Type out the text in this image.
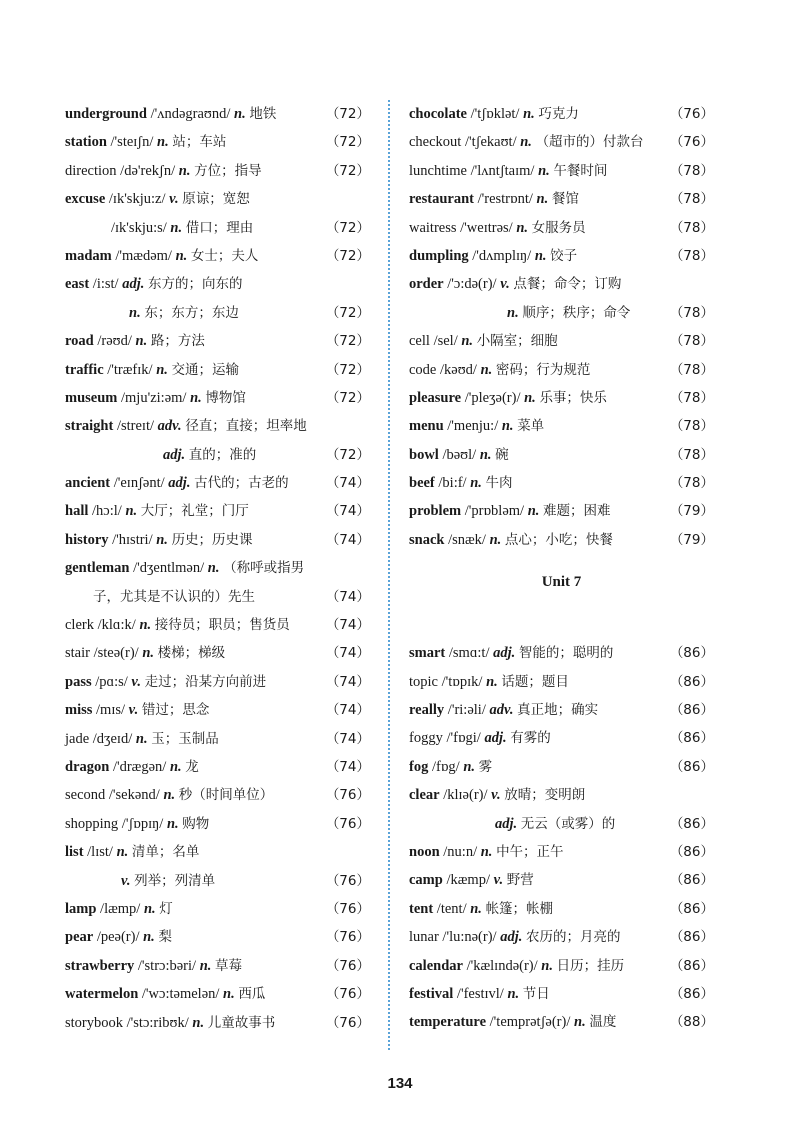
underground /'ʌndəgraʊnd/ n. 地铁	（72）
station /'steɪʃn/ n. 站；车站	（72）
direction /də'rekʃn/ n. 方位；指导	（72）
excuse /ɪk'skju:z/ v. 原谅；宽恕
/ɪk'skju:s/ n. 借口；理由	（72）
madam /'mædəm/ n. 女士；夫人	（72）
east /i:st/ adj. 东方的；向东的
n. 东；东方；东边	（72）
road /rəʊd/ n. 路；方法	（72）
traffic /'træfɪk/ n. 交通；运输	（72）
museum /mju'zi:əm/ n. 博物馆	（72）
straight /streɪt/ adv. 径直；直接；坦率地
adj. 直的；准的	（72）
ancient /'eɪnʃənt/ adj. 古代的；古老的	（74）
hall /hɔ:l/ n. 大厅；礼堂；门厅	（74）
history /'hɪstri/ n. 历史；历史课	（74）
gentleman /'dʒentlmən/ n. （称呼或指男
子，尤其是不认识的）先生	（74）
clerk /klɑ:k/ n. 接待员；职员；售货员	（74）
stair /steə(r)/ n. 楼梯；梯级	（74）
pass /pɑ:s/ v. 走过；沿某方向前进	（74）
miss /mɪs/ v. 错过；思念	（74）
jade /dʒeɪd/ n. 玉；玉制品	（74）
dragon /'drægən/ n. 龙	（74）
second /'sekənd/ n. 秒（时间单位）	（76）
shopping /'ʃɒpɪŋ/ n. 购物	（76）
list /lɪst/ n. 清单；名单
v. 列举；列清单	（76）
lamp /læmp/ n. 灯	（76）
pear /peə(r)/ n. 梨	（76）
strawberry /'strɔ:bəri/ n. 草莓	（76）
watermelon /'wɔ:təmelən/ n. 西瓜	（76）
storybook /'stɔ:ribʊk/ n. 儿童故事书	（76）
chocolate /'tʃɒklət/ n. 巧克力	（76）
checkout /'tʃekaʊt/ n. （超市的）付款台 （76）
lunchtime /'lʌntʃtaɪm/ n. 午餐时间	（78）
restaurant /'restrɒnt/ n. 餐馆	（78）
waitress /'weɪtrəs/ n. 女服务员	（78）
dumpling /'dʌmplɪŋ/ n. 饺子	（78）
order /'ɔ:də(r)/ v. 点餐；命令；订购
n. 顺序；秩序；命令	（78）
cell /sel/ n. 小隔室；细胞	（78）
code /kəʊd/ n. 密码；行为规范	（78）
pleasure /'pleʒə(r)/ n. 乐事；快乐	（78）
menu /'menju:/ n. 菜单	（78）
bowl /bəʊl/ n. 碗	（78）
beef /bi:f/ n. 牛肉	（78）
problem /'prɒbləm/ n. 难题；困难	（79）
snack /snæk/ n. 点心；小吃；快餐	（79）
Unit 7
smart /smɑ:t/ adj. 智能的；聪明的	（86）
topic /'tɒpɪk/ n. 话题；题目	（86）
really /'ri:əli/ adv. 真正地；确实	（86）
foggy /'fɒgi/ adj. 有雾的	（86）
fog /fɒg/ n. 雾	（86）
clear /klɪə(r)/ v. 放晴；变明朗
adj. 无云（或雾）的	（86）
noon /nu:n/ n. 中午；正午	（86）
camp /kæmp/ v. 野营	（86）
tent /tent/ n. 帐篷；帐棚	（86）
lunar /'lu:nə(r)/ adj. 农历的；月亮的	（86）
calendar /'kælɪndə(r)/ n. 日历；挂历	（86）
festival /'festɪvl/ n. 节日	（86）
temperature /'temprətʃə(r)/ n. 温度	（88）
134
